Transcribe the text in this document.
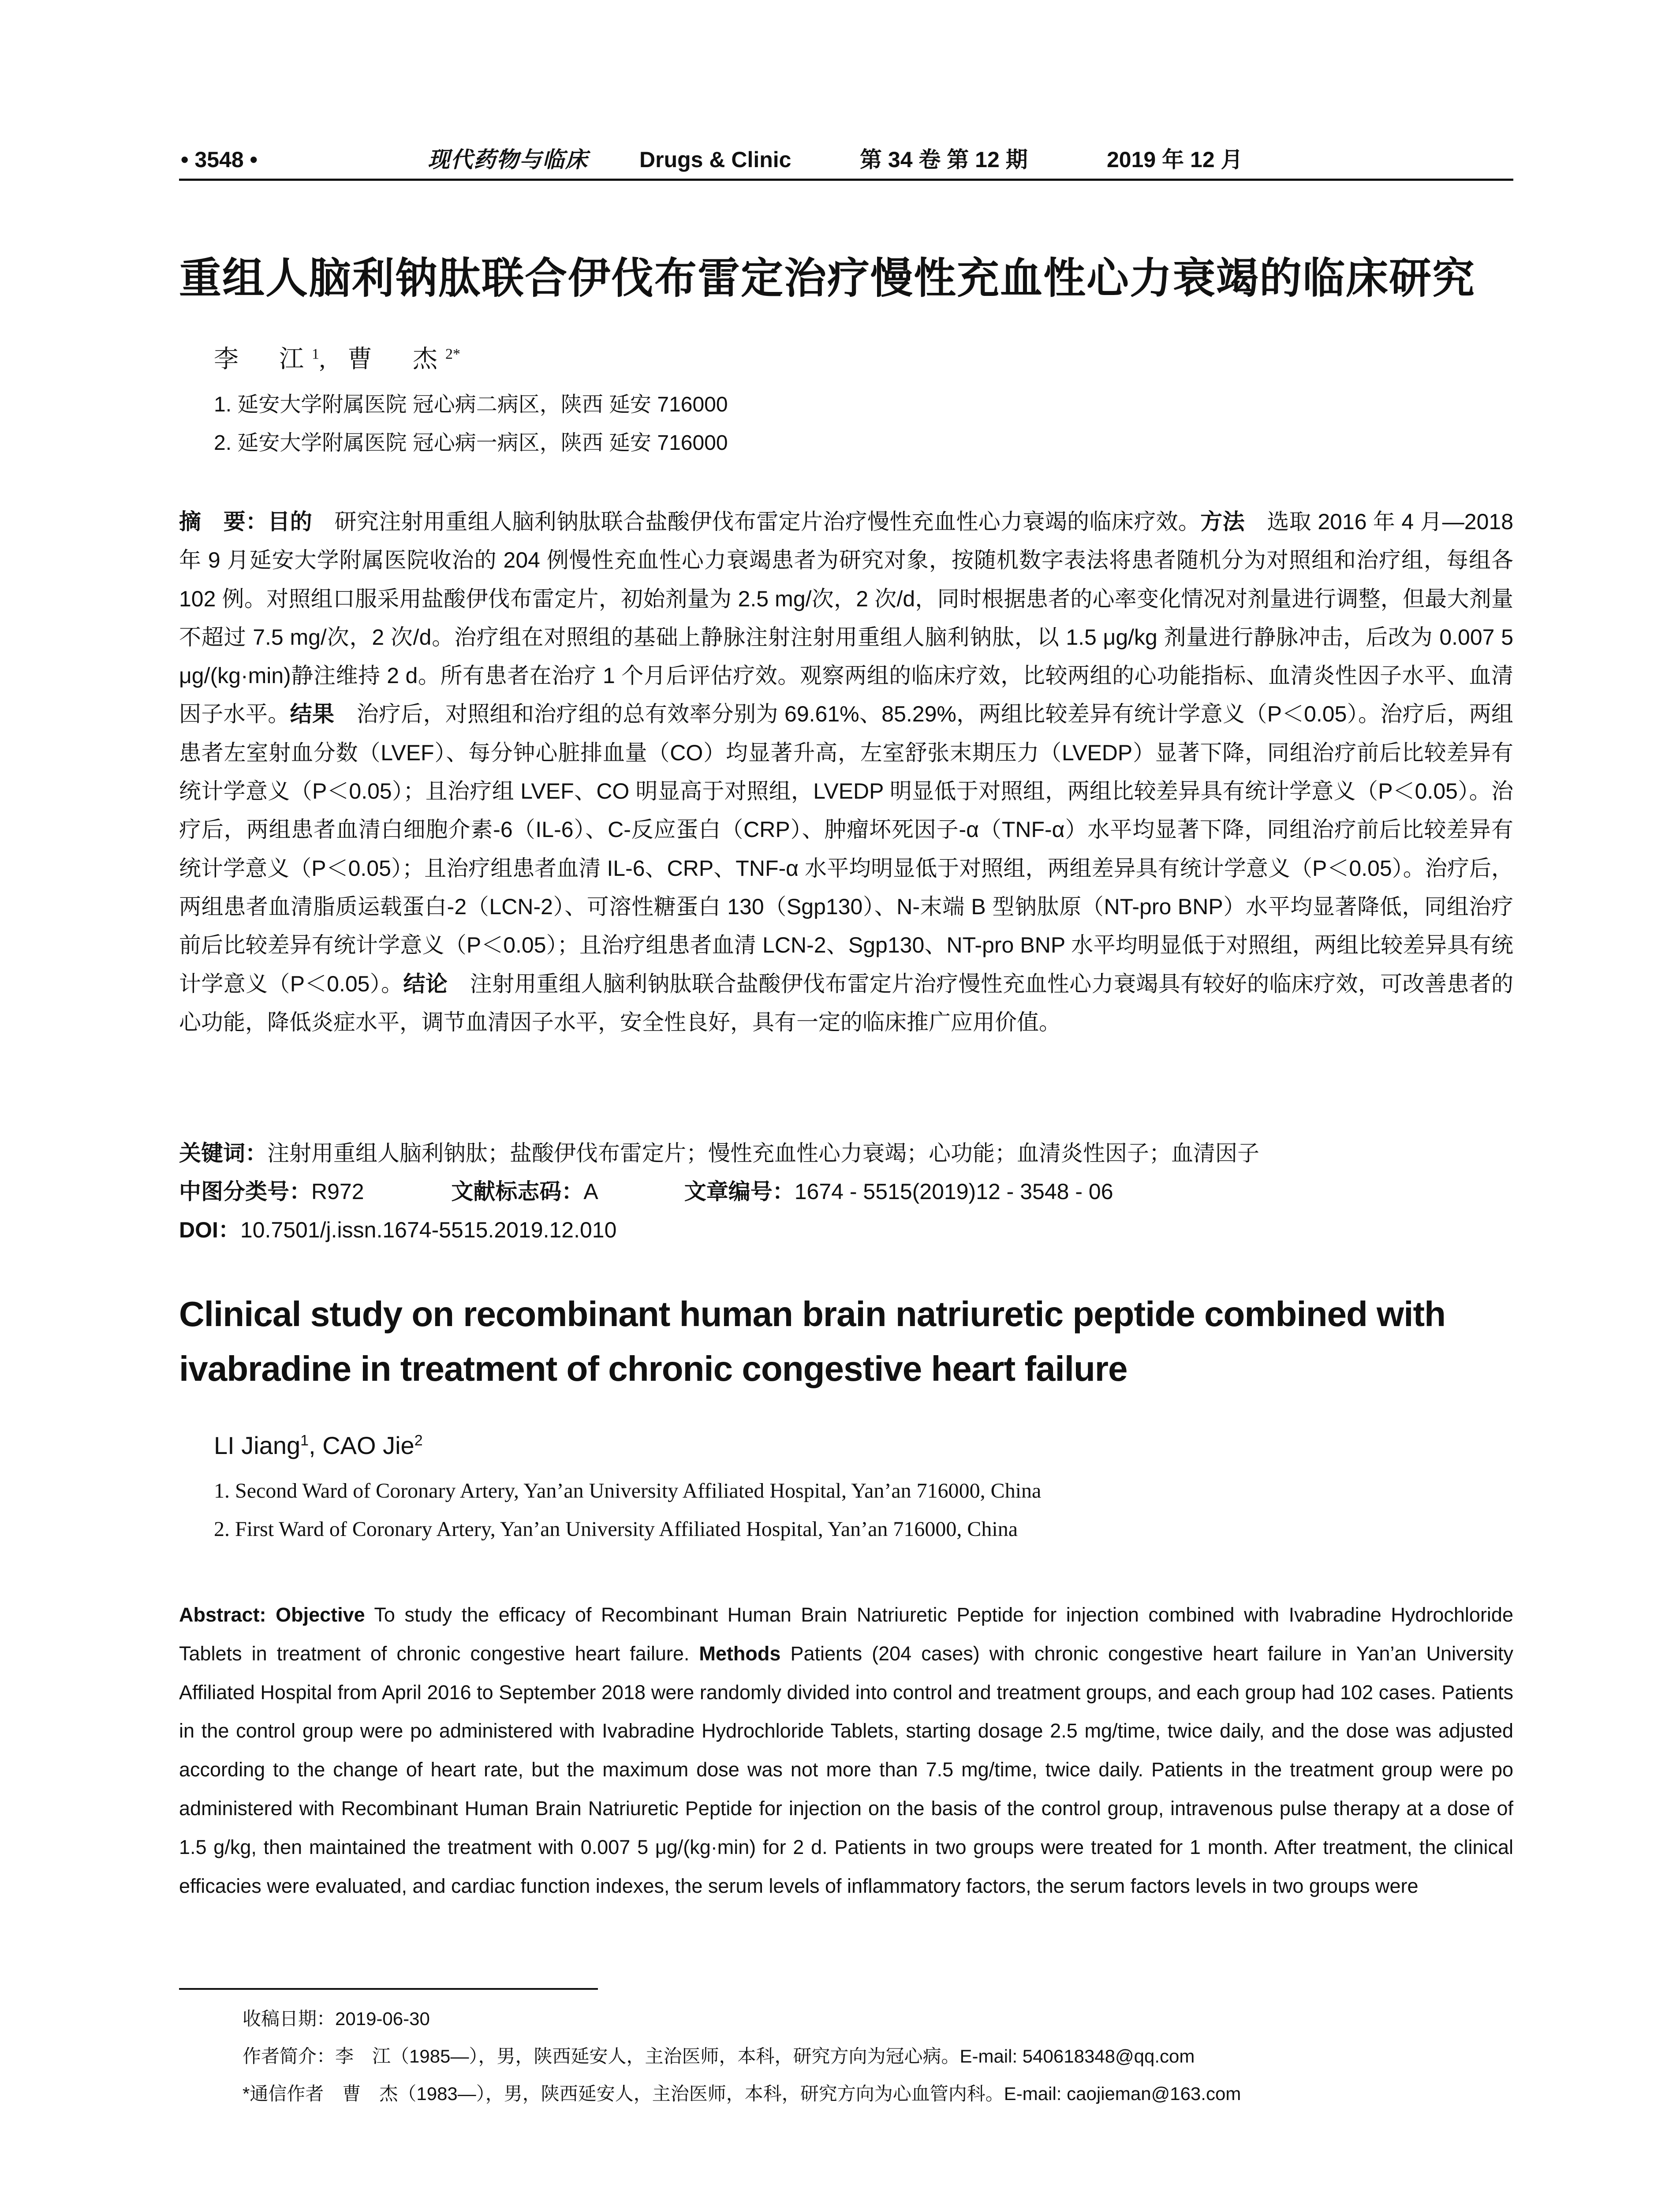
• 3548 •	现代药物与临床	Drugs & Clinic	第 34 卷 第 12 期	2019 年 12 月
重组人脑利钠肽联合伊伐布雷定治疗慢性充血性心力衰竭的临床研究
李　江$^1$, 曹　杰$^{2*}$
1. 延安大学附属医院 冠心病二病区，陕西 延安 716000
2. 延安大学附属医院 冠心病一病区，陕西 延安 716000
摘　要：目的　研究注射用重组人脑利钠肽联合盐酸伊伐布雷定片治疗慢性充血性心力衰竭的临床疗效。方法　选取 2016 年 4 月—2018 年 9 月延安大学附属医院收治的 204 例慢性充血性心力衰竭患者为研究对象，按随机数字表法将患者随机分为对照组和治疗组，每组各 102 例。对照组口服采用盐酸伊伐布雷定片，初始剂量为 2.5 mg/次，2 次/d，同时根据患者的心率变化情况对剂量进行调整，但最大剂量不超过 7.5 mg/次，2 次/d。治疗组在对照组的基础上静脉注射注射用重组人脑利钠肽，以 1.5 μg/kg 剂量进行静脉冲击，后改为 0.007 5 μg/(kg·min)静注维持 2 d。所有患者在治疗 1 个月后评估疗效。观察两组的临床疗效，比较两组的心功能指标、血清炎性因子水平、血清因子水平。结果　治疗后，对照组和治疗组的总有效率分别为 69.61%、85.29%，两组比较差异有统计学意义（P＜0.05）。治疗后，两组患者左室射血分数（LVEF）、每分钟心脏排血量（CO）均显著升高，左室舒张末期压力（LVEDP）显著下降，同组治疗前后比较差异有统计学意义（P＜0.05）；且治疗组 LVEF、CO 明显高于对照组，LVEDP 明显低于对照组，两组比较差异具有统计学意义（P＜0.05）。治疗后，两组患者血清白细胞介素-6（IL-6）、C-反应蛋白（CRP）、肿瘤坏死因子-α（TNF-α）水平均显著下降，同组治疗前后比较差异有统计学意义（P＜0.05）；且治疗组患者血清 IL-6、CRP、TNF-α 水平均明显低于对照组，两组差异具有统计学意义（P＜0.05）。治疗后，两组患者血清脂质运载蛋白-2（LCN-2）、可溶性糖蛋白 130（Sgp130）、N-末端 B 型钠肽原（NT-pro BNP）水平均显著降低，同组治疗前后比较差异有统计学意义（P＜0.05）；且治疗组患者血清 LCN-2、Sgp130、NT-pro BNP 水平均明显低于对照组，两组比较差异具有统计学意义（P＜0.05）。结论　注射用重组人脑利钠肽联合盐酸伊伐布雷定片治疗慢性充血性心力衰竭具有较好的临床疗效，可改善患者的心功能，降低炎症水平，调节血清因子水平，安全性良好，具有一定的临床推广应用价值。
关键词：注射用重组人脑利钠肽；盐酸伊伐布雷定片；慢性充血性心力衰竭；心功能；血清炎性因子；血清因子
中图分类号：R972	文献标志码：A	文章编号：1674 - 5515(2019)12 - 3548 - 06
DOI：10.7501/j.issn.1674-5515.2019.12.010
Clinical study on recombinant human brain natriuretic peptide combined with ivabradine in treatment of chronic congestive heart failure
LI Jiang$^1$, CAO Jie$^2$
1. Second Ward of Coronary Artery, Yan’an University Affiliated Hospital, Yan’an 716000, China
2. First Ward of Coronary Artery, Yan’an University Affiliated Hospital, Yan’an 716000, China
Abstract: Objective To study the efficacy of Recombinant Human Brain Natriuretic Peptide for injection combined with Ivabradine Hydrochloride Tablets in treatment of chronic congestive heart failure. Methods Patients (204 cases) with chronic congestive heart failure in Yan’an University Affiliated Hospital from April 2016 to September 2018 were randomly divided into control and treatment groups, and each group had 102 cases. Patients in the control group were po administered with Ivabradine Hydrochloride Tablets, starting dosage 2.5 mg/time, twice daily, and the dose was adjusted according to the change of heart rate, but the maximum dose was not more than 7.5 mg/time, twice daily. Patients in the treatment group were po administered with Recombinant Human Brain Natriuretic Peptide for injection on the basis of the control group, intravenous pulse therapy at a dose of 1.5 g/kg, then maintained the treatment with 0.007 5 μg/(kg·min) for 2 d. Patients in two groups were treated for 1 month. After treatment, the clinical efficacies were evaluated, and cardiac function indexes, the serum levels of inflammatory factors, the serum factors levels in two groups were
收稿日期：2019-06-30
作者简介：李　江（1985—），男，陕西延安人，主治医师，本科，研究方向为冠心病。E-mail: 540618348@qq.com
*通信作者　曹　杰（1983—），男，陕西延安人，主治医师，本科，研究方向为心血管内科。E-mail: caojieman@163.com
